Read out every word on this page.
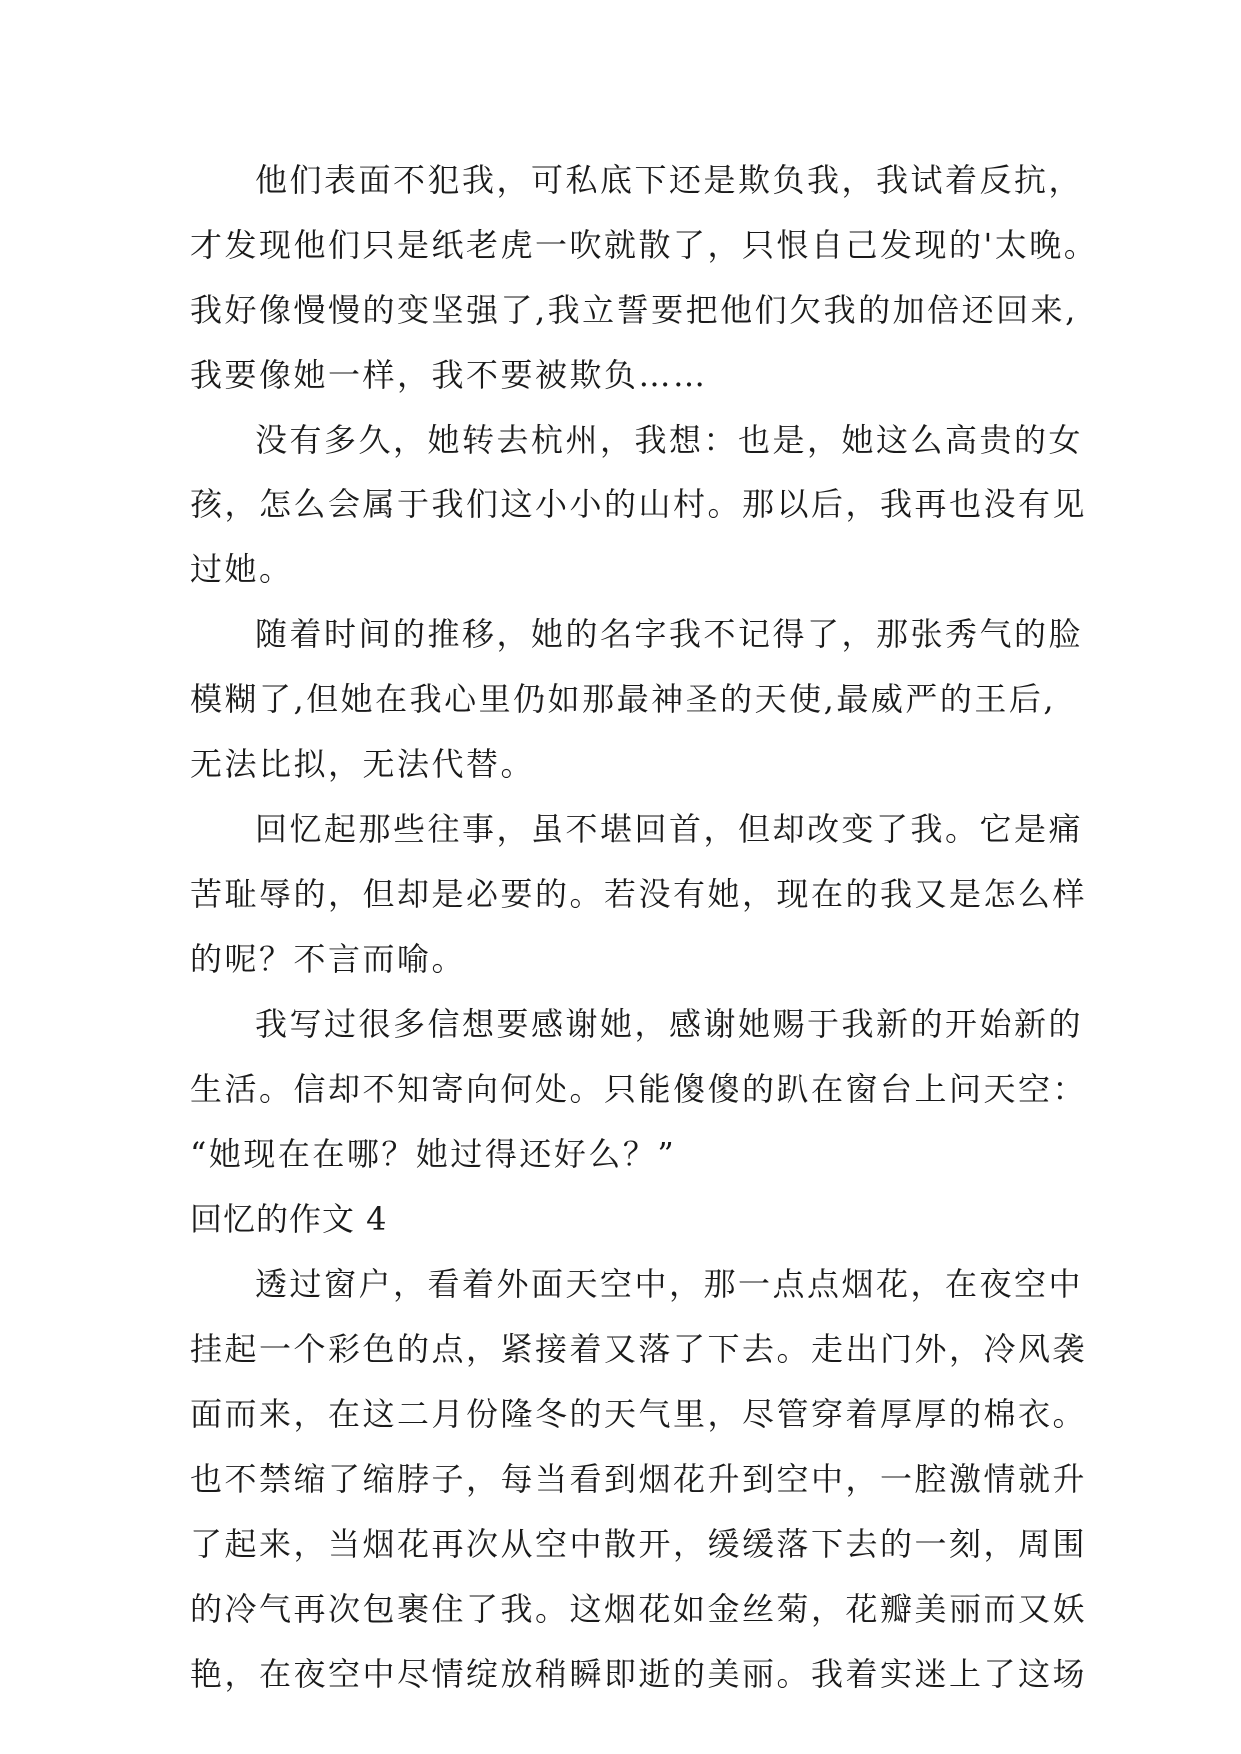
他们表面不犯我，可私底下还是欺负我，我试着反抗，
才发现他们只是纸老虎一吹就散了，只恨自己发现的'太晚。
我好像慢慢的变坚强了,我立誓要把他们欠我的加倍还回来,
我要像她一样，我不要被欺负……
没有多久，她转去杭州，我想：也是，她这么高贵的女
孩，怎么会属于我们这小小的山村。那以后，我再也没有见
过她。
随着时间的推移，她的名字我不记得了，那张秀气的脸
模糊了,但她在我心里仍如那最神圣的天使,最威严的王后,
无法比拟，无法代替。
回忆起那些往事，虽不堪回首，但却改变了我。它是痛
苦耻辱的，但却是必要的。若没有她，现在的我又是怎么样
的呢？不言而喻。
我写过很多信想要感谢她，感谢她赐于我新的开始新的
生活。信却不知寄向何处。只能傻傻的趴在窗台上问天空：
“她现在在哪？她过得还好么？”
回忆的作文 4
透过窗户，看着外面天空中，那一点点烟花，在夜空中
挂起一个彩色的点，紧接着又落了下去。走出门外，冷风袭
面而来，在这二月份隆冬的天气里，尽管穿着厚厚的棉衣。
也不禁缩了缩脖子，每当看到烟花升到空中，一腔激情就升
了起来，当烟花再次从空中散开，缓缓落下去的一刻，周围
的冷气再次包裹住了我。这烟花如金丝菊，花瓣美丽而又妖
艳，在夜空中尽情绽放稍瞬即逝的美丽。我着实迷上了这场
